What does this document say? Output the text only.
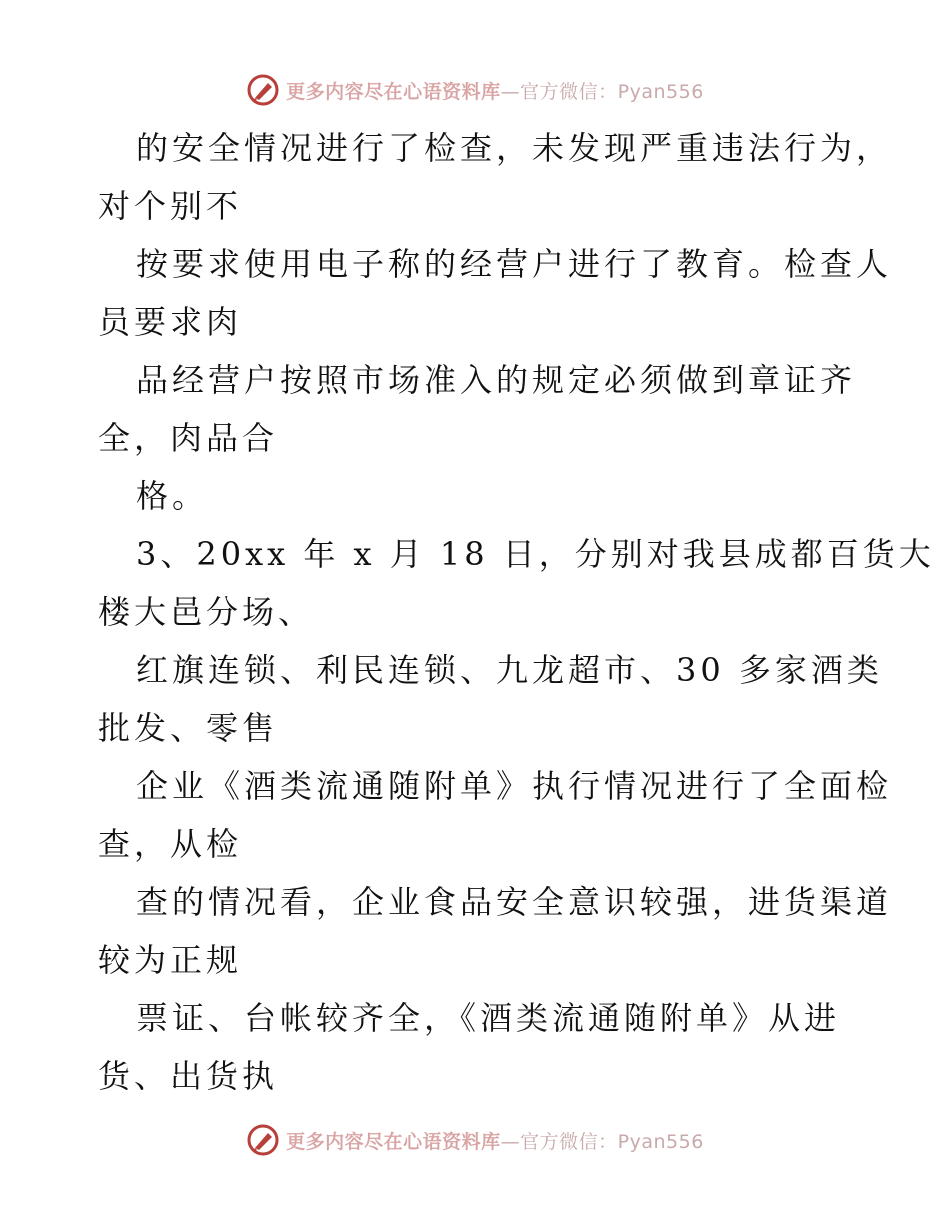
更多内容尽在心语资料库—官方微信：Pyan556
的安全情况进行了检查，未发现严重违法行为，
对个别不
按要求使用电子称的经营户进行了教育。检查人
员要求肉
品经营户按照市场准入的规定必须做到章证齐
全，肉品合
格。
3、20xx 年 x 月 18 日，分别对我县成都百货大
楼大邑分场、
红旗连锁、利民连锁、九龙超市、30 多家酒类
批发、零售
企业《酒类流通随附单》执行情况进行了全面检
查，从检
查的情况看，企业食品安全意识较强，进货渠道
较为正规
票证、台帐较齐全，《酒类流通随附单》从进
货、出货执
更多内容尽在心语资料库—官方微信：Pyan556
